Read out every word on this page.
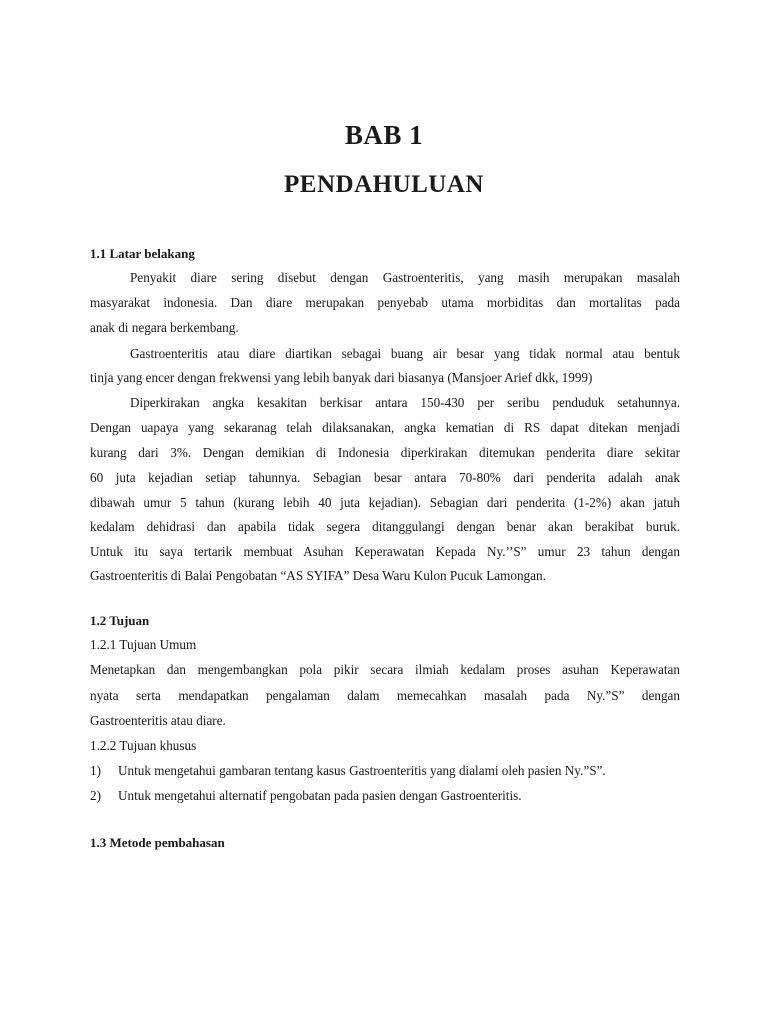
BAB 1
PENDAHULUAN
1.1 Latar belakang

Penyakit diare sering disebut dengan Gastroenteritis, yang masih merupakan masalah

masyarakat indonesia. Dan diare merupakan penyebab utama morbiditas dan mortalitas pada

anak di negara berkembang.

Gastroenteritis atau diare diartikan sebagai buang air besar yang tidak normal atau bentuk

tinja yang encer dengan frekwensi yang lebih banyak dari biasanya (Mansjoer Arief dkk, 1999)

Diperkirakan angka kesakitan berkisar antara 150-430 per seribu penduduk setahunnya.

Dengan uapaya yang sekaranag telah dilaksanakan, angka kematian di RS dapat ditekan menjadi

kurang dari 3%. Dengan demikian di Indonesia diperkirakan ditemukan penderita diare sekitar

60 juta kejadian setiap tahunnya. Sebagian besar antara 70-80% dari penderita adalah anak

dibawah umur 5 tahun (kurang lebih 40 juta kejadian). Sebagian dari penderita (1-2%) akan jatuh

kedalam dehidrasi dan apabila tidak segera ditanggulangi dengan benar akan berakibat buruk.

Untuk itu saya tertarik membuat Asuhan Keperawatan Kepada Ny.’’S” umur 23 tahun dengan

Gastroenteritis di Balai Pengobatan “AS SYIFA” Desa Waru Kulon Pucuk Lamongan.

1.2 Tujuan

1.2.1 Tujuan Umum

Menetapkan dan mengembangkan pola pikir secara ilmiah kedalam proses asuhan Keperawatan

nyata serta mendapatkan pengalaman dalam memecahkan masalah pada Ny.”S” dengan

Gastroenteritis atau diare.

1.2.2 Tujuan khusus

1) Untuk mengetahui gambaran tentang kasus Gastroenteritis yang dialami oleh pasien Ny.”S”.

2) Untuk mengetahui alternatif pengobatan pada pasien dengan Gastroenteritis.

1.3 Metode pembahasan
